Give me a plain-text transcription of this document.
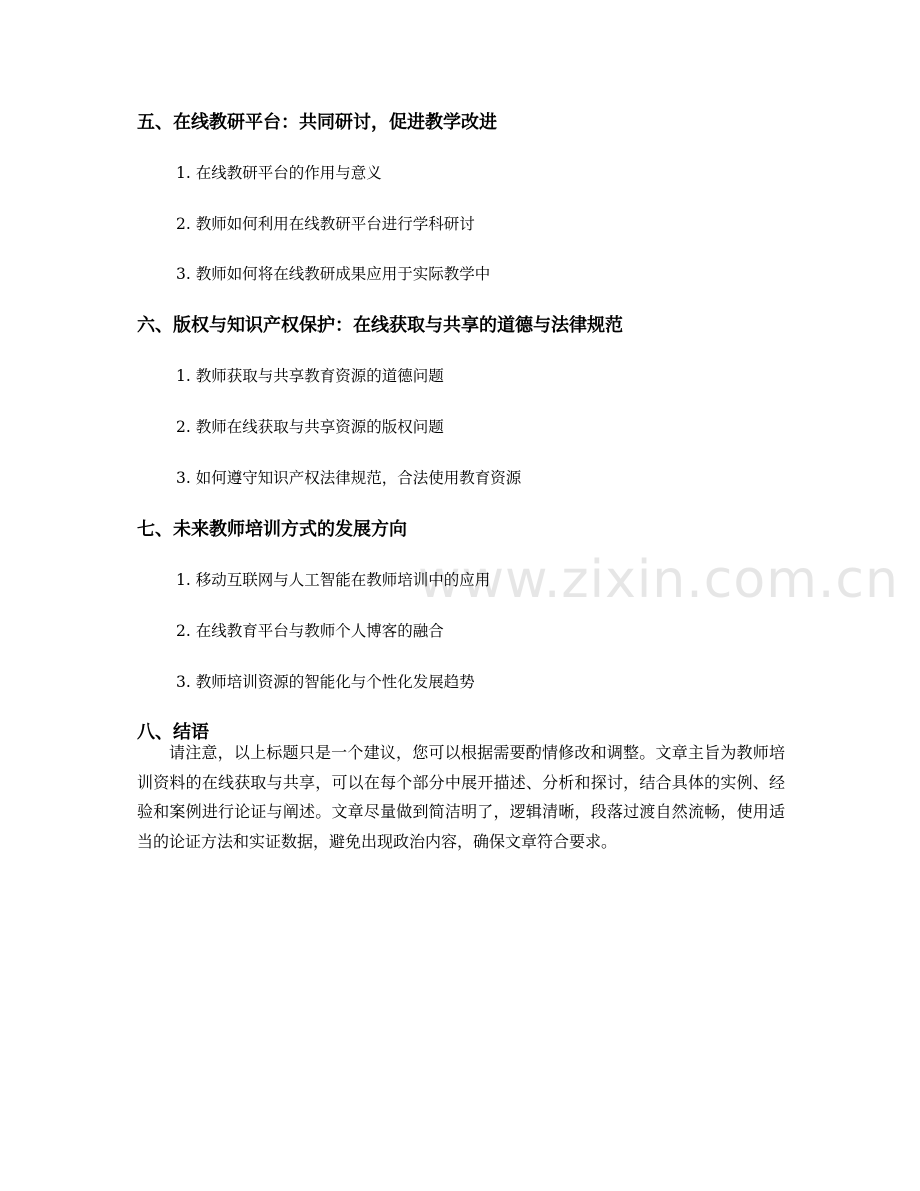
www.zixin.com.cn
五、在线教研平台：共同研讨，促进教学改进

1. 在线教研平台的作用与意义

2. 教师如何利用在线教研平台进行学科研讨

3. 教师如何将在线教研成果应用于实际教学中

六、版权与知识产权保护：在线获取与共享的道德与法律规范

1. 教师获取与共享教育资源的道德问题

2. 教师在线获取与共享资源的版权问题

3. 如何遵守知识产权法律规范，合法使用教育资源

七、未来教师培训方式的发展方向

1. 移动互联网与人工智能在教师培训中的应用

2. 在线教育平台与教师个人博客的融合

3. 教师培训资源的智能化与个性化发展趋势

八、结语

请注意，以上标题只是一个建议，您可以根据需要酌情修改和调整。文章主旨为教师培训资料的在线获取与共享，可以在每个部分中展开描述、分析和探讨，结合具体的实例、经验和案例进行论证与阐述。文章尽量做到简洁明了，逻辑清晰，段落过渡自然流畅，使用适当的论证方法和实证数据，避免出现政治内容，确保文章符合要求。
